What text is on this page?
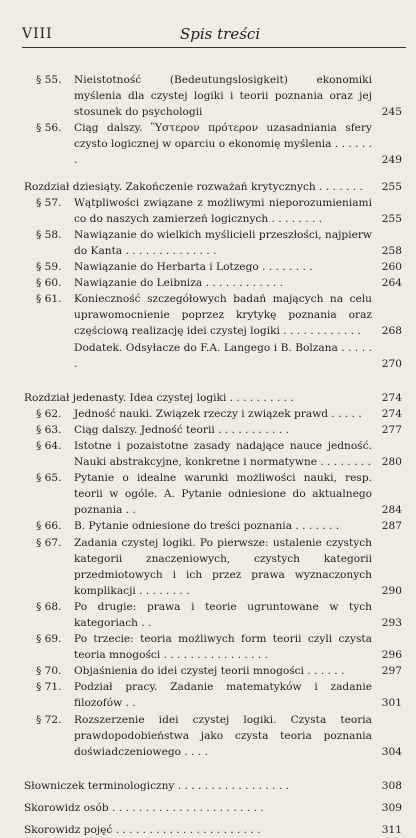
VIII	Spis treści
§ 55. Nieistotność (Bedeutungslosigkeit) ekonomiki myślenia dla czystej logiki i teorii poznania oraz jej stosunek do psychologii	245
§ 56. Ciąg dalszy. Ὕστερον πρότερον uzasadniania sfery czysto logicznej w oparciu o ekonomię myślenia . . . . . . .	249
Rozdział dziesiąty. Zakończenie rozważań krytycznych . . . . . . . 255
§ 57. Wątpliwości związane z możliwymi nieporozumieniami co do naszych zamierzeń logicznych . . . . . . . .	255
§ 58. Nawiązanie do wielkich myślicieli przeszłości, najpierw do Kanta . . . . . . . . . . . . . .	258
§ 59. Nawiązanie do Herbarta i Lotzego . . . . . . . .	260
§ 60. Nawiązanie do Leibniza . . . . . . . . . . . .	264
§ 61. Konieczność szczegółowych badań mających na celu uprawomocnienie poprzez krytykę poznania oraz częściową realizację idei czystej logiki . . . . . . . . . . . .	268
Dodatek. Odsyłacze do F.A. Langego i B. Bolzana . . . . . .	270
Rozdział jedenasty. Idea czystej logiki . . . . . . . . . .	274
§ 62. Jedność nauki. Związek rzeczy i związek prawd . . . . .	274
§ 63. Ciąg dalszy. Jedność teorii . . . . . . . . . . .	277
§ 64. Istotne i pozaistotne zasady nadające nauce jedność. Nauki abstrakcyjne, konkretne i normatywne . . . . . . . . 280
§ 65. Pytanie o idealne warunki możliwości nauki, resp. teorii w ogóle. A. Pytanie odniesione do aktualnego poznania . .	284
§ 66. B. Pytanie odniesione do treści poznania . . . . . . .	287
§ 67. Zadania czystej logiki. Po pierwsze: ustalenie czystych kategorii znaczeniowych, czystych kategorii przedmiotowych i ich przez prawa wyznaczonych komplikacji . . . . . . . .	290
§ 68. Po drugie: prawa i teorie ugruntowane w tych kategoriach . .	293
§ 69. Po trzecie: teoria możliwych form teorii czyli czysta teoria mnogości . . . . . . . . . . . . . . . .	296
§ 70. Objaśnienia do idei czystej teorii mnogości . . . . . .	297
§ 71. Podział pracy. Zadanie matematyków i zadanie filozofów . .	301
§ 72. Rozszerzenie idei czystej logiki. Czysta teoria prawdopodobieństwa jako czysta teoria poznania doświadczeniowego . . . .	304
Słowniczek terminologiczny . . . . . . . . . . . . . . . . .	308
Skorowidz osób . . . . . . . . . . . . . . . . . . . . . . .	309
Skorowidz pojęć . . . . . . . . . . . . . . . . . . . . . .	311
